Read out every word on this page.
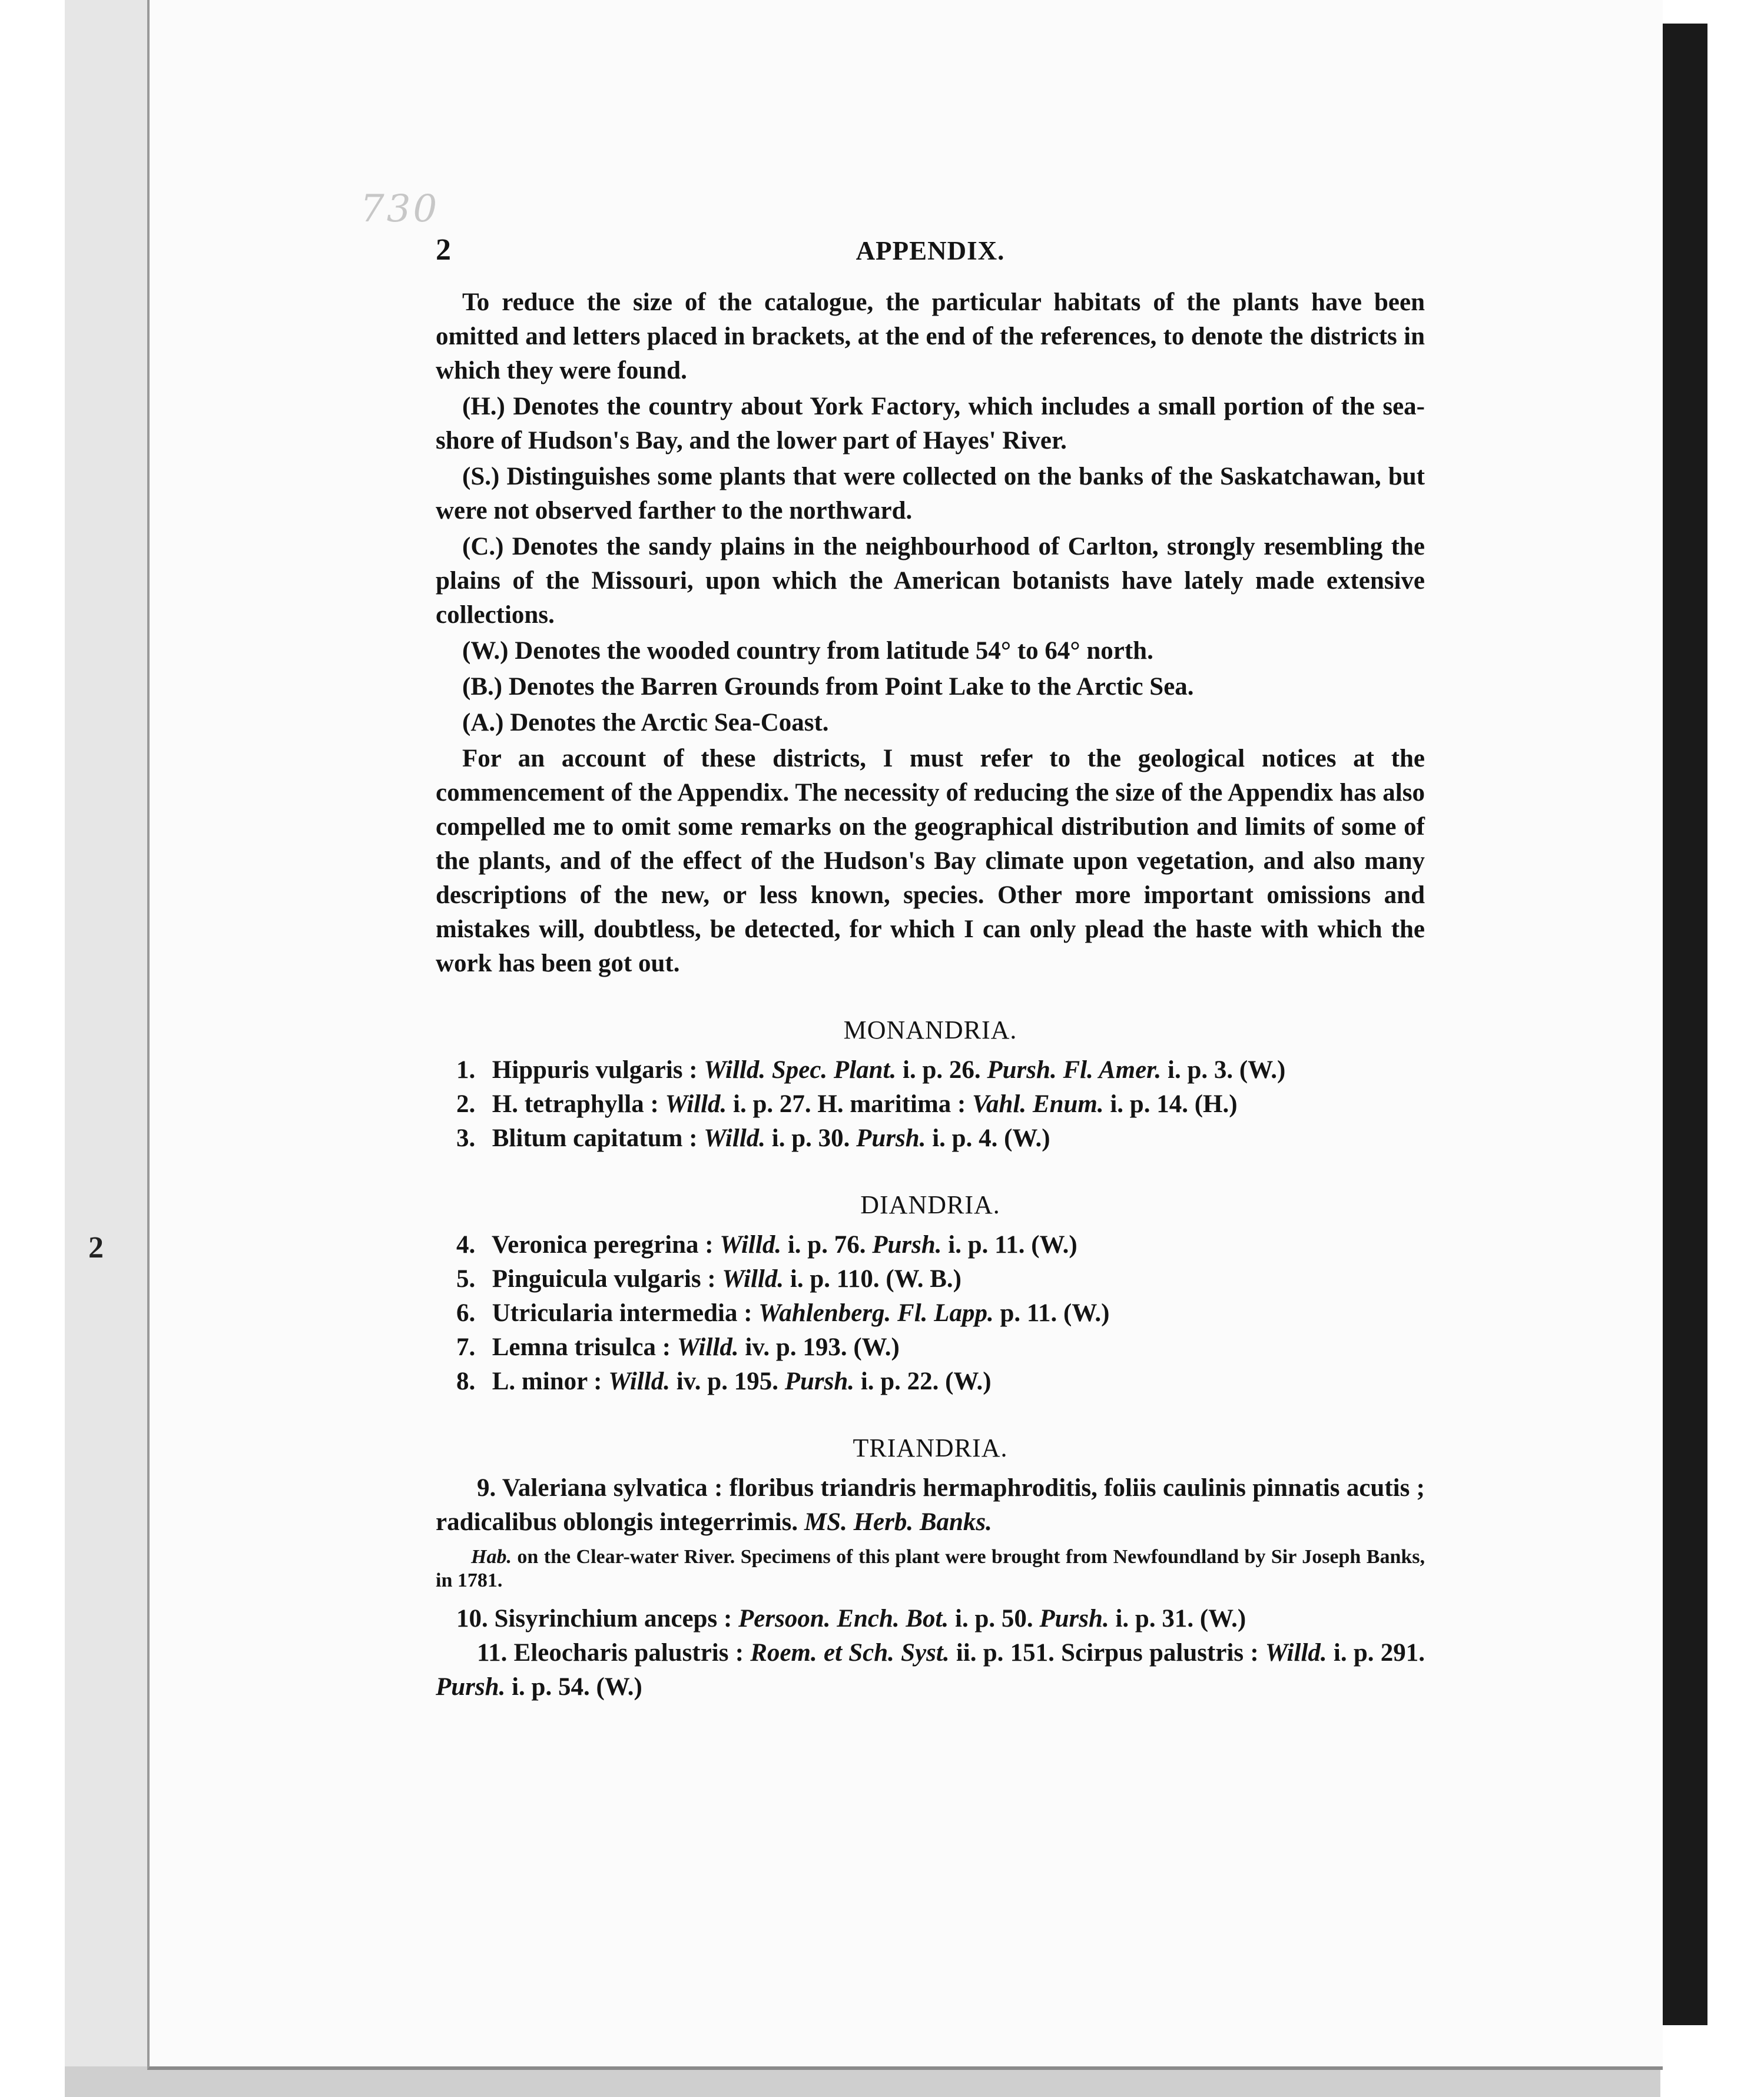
730
2
2	APPENDIX.

To reduce the size of the catalogue, the particular habitats of the plants have been omitted and letters placed in brackets, at the end of the references, to denote the districts in which they were found.

(H.) Denotes the country about York Factory, which includes a small portion of the sea-shore of Hudson's Bay, and the lower part of Hayes' River.

(S.) Distinguishes some plants that were collected on the banks of the Saskatchawan, but were not observed farther to the northward.

(C.) Denotes the sandy plains in the neighbourhood of Carlton, strongly resembling the plains of the Missouri, upon which the American botanists have lately made extensive collections.

(W.) Denotes the wooded country from latitude 54° to 64° north.

(B.) Denotes the Barren Grounds from Point Lake to the Arctic Sea.

(A.) Denotes the Arctic Sea-Coast.

For an account of these districts, I must refer to the geological notices at the commencement of the Appendix. The necessity of reducing the size of the Appendix has also compelled me to omit some remarks on the geographical distribution and limits of some of the plants, and of the effect of the Hudson's Bay climate upon vegetation, and also many descriptions of the new, or less known, species. Other more important omissions and mistakes will, doubtless, be detected, for which I can only plead the haste with which the work has been got out.

MONANDRIA.

1. Hippuris vulgaris : Willd. Spec. Plant. i. p. 26. Pursh. Fl. Amer. i. p. 3. (W.)

2. H. tetraphylla : Willd. i. p. 27. H. maritima : Vahl. Enum. i. p. 14. (H.)

3. Blitum capitatum : Willd. i. p. 30. Pursh. i. p. 4. (W.)

DIANDRIA.

4. Veronica peregrina : Willd. i. p. 76. Pursh. i. p. 11. (W.)

5. Pinguicula vulgaris : Willd. i. p. 110. (W. B.)

6. Utricularia intermedia : Wahlenberg. Fl. Lapp. p. 11. (W.)

7. Lemna trisulca : Willd. iv. p. 193. (W.)

8. L. minor : Willd. iv. p. 195. Pursh. i. p. 22. (W.)

TRIANDRIA.

9. Valeriana sylvatica : floribus triandris hermaphroditis, foliis caulinis pinnatis acutis ; radicalibus oblongis integerrimis. MS. Herb. Banks.

Hab. on the Clear-water River. Specimens of this plant were brought from Newfoundland by Sir Joseph Banks, in 1781.

10. Sisyrinchium anceps : Persoon. Ench. Bot. i. p. 50. Pursh. i. p. 31. (W.)

11. Eleocharis palustris : Roem. et Sch. Syst. ii. p. 151. Scirpus palustris : Willd. i. p. 291. Pursh. i. p. 54. (W.)
